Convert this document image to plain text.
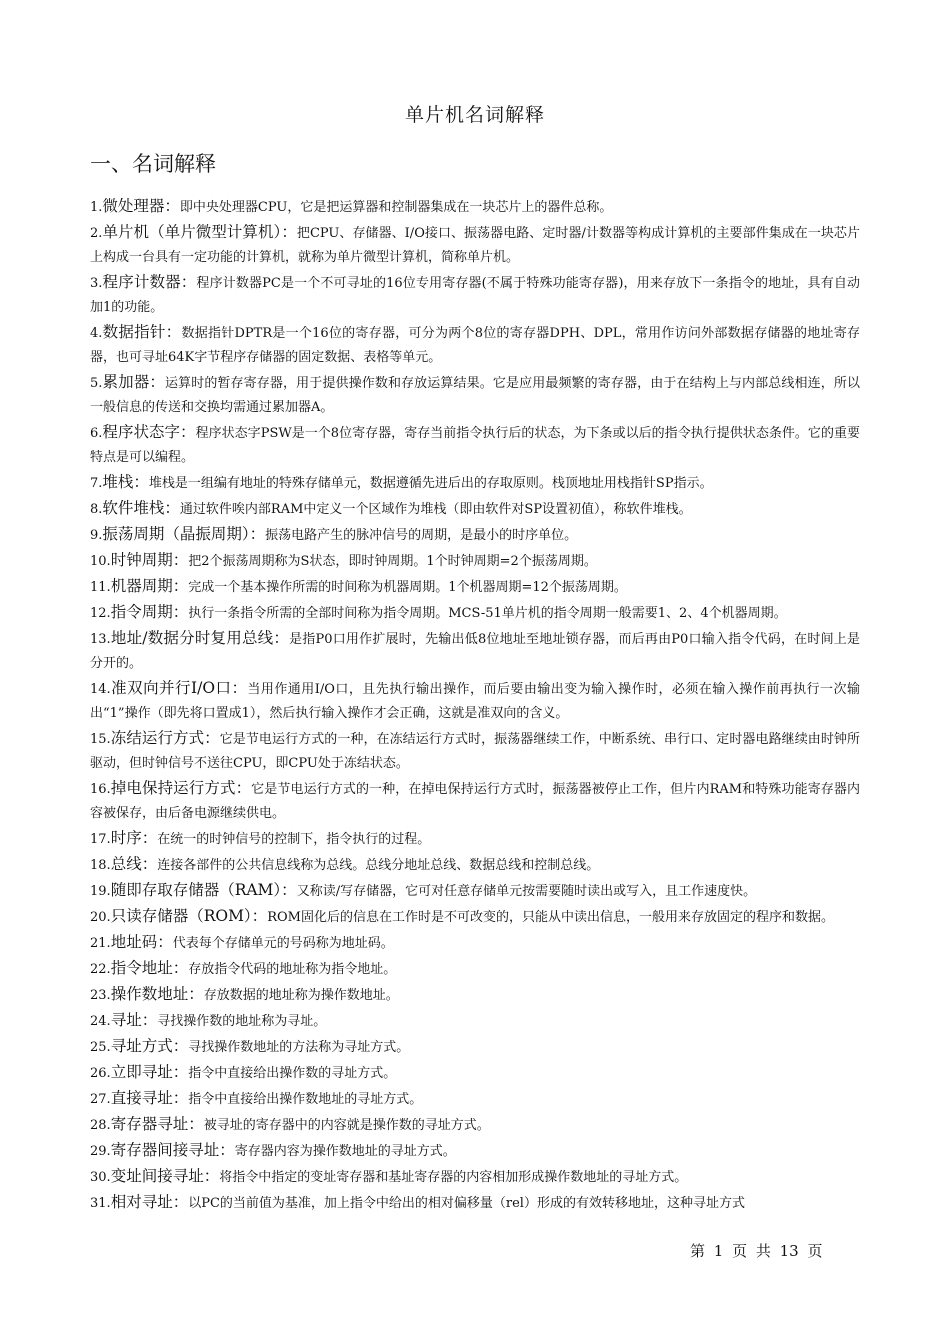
单片机名词解释
一、名词解释

1.微处理器：即中央处理器CPU，它是把运算器和控制器集成在一块芯片上的器件总称。

2.单片机（单片微型计算机）：把CPU、存储器、I/O接口、振荡器电路、定时器/计数器等构成计算机的主要部件集成在一块芯片上构成一台具有一定功能的计算机，就称为单片微型计算机，简称单片机。

3.程序计数器：程序计数器PC是一个不可寻址的16位专用寄存器(不属于特殊功能寄存器)，用来存放下一条指令的地址，具有自动加1的功能。

4.数据指针：数据指针DPTR是一个16位的寄存器，可分为两个8位的寄存器DPH、DPL，常用作访问外部数据存储器的地址寄存器，也可寻址64K字节程序存储器的固定数据、表格等单元。

5.累加器：运算时的暂存寄存器，用于提供操作数和存放运算结果。它是应用最频繁的寄存器，由于在结构上与内部总线相连，所以一般信息的传送和交换均需通过累加器A。

6.程序状态字：程序状态字PSW是一个8位寄存器，寄存当前指令执行后的状态，为下条或以后的指令执行提供状态条件。它的重要特点是可以编程。

7.堆栈：堆栈是一组编有地址的特殊存储单元，数据遵循先进后出的存取原则。栈顶地址用栈指针SP指示。

8.软件堆栈：通过软件唉内部RAM中定义一个区域作为堆栈（即由软件对SP设置初值），称软件堆栈。

9.振荡周期（晶振周期）：振荡电路产生的脉冲信号的周期，是最小的时序单位。

10.时钟周期：把2个振荡周期称为S状态，即时钟周期。1个时钟周期=2个振荡周期。

11.机器周期：完成一个基本操作所需的时间称为机器周期。1个机器周期=12个振荡周期。

12.指令周期：执行一条指令所需的全部时间称为指令周期。MCS-51单片机的指令周期一般需要1、2、4个机器周期。

13.地址/数据分时复用总线：是指P0口用作扩展时，先输出低8位地址至地址锁存器，而后再由P0口输入指令代码，在时间上是分开的。

14.准双向并行I/O口：当用作通用I/O口，且先执行输出操作，而后要由输出变为输入操作时，必须在输入操作前再执行一次输出“1”操作（即先将口置成1），然后执行输入操作才会正确，这就是准双向的含义。

15.冻结运行方式：它是节电运行方式的一种，在冻结运行方式时，振荡器继续工作，中断系统、串行口、定时器电路继续由时钟所驱动，但时钟信号不送往CPU，即CPU处于冻结状态。

16.掉电保持运行方式：它是节电运行方式的一种，在掉电保持运行方式时，振荡器被停止工作，但片内RAM和特殊功能寄存器内容被保存，由后备电源继续供电。

17.时序：在统一的时钟信号的控制下，指令执行的过程。

18.总线：连接各部件的公共信息线称为总线。总线分地址总线、数据总线和控制总线。

19.随即存取存储器（RAM）：又称读/写存储器，它可对任意存储单元按需要随时读出或写入，且工作速度快。

20.只读存储器（ROM）：ROM固化后的信息在工作时是不可改变的，只能从中读出信息，一般用来存放固定的程序和数据。

21.地址码：代表每个存储单元的号码称为地址码。

22.指令地址：存放指令代码的地址称为指令地址。

23.操作数地址：存放数据的地址称为操作数地址。

24.寻址：寻找操作数的地址称为寻址。

25.寻址方式：寻找操作数地址的方法称为寻址方式。

26.立即寻址：指令中直接给出操作数的寻址方式。

27.直接寻址：指令中直接给出操作数地址的寻址方式。

28.寄存器寻址：被寻址的寄存器中的内容就是操作数的寻址方式。

29.寄存器间接寻址：寄存器内容为操作数地址的寻址方式。

30.变址间接寻址：将指令中指定的变址寄存器和基址寄存器的内容相加形成操作数地址的寻址方式。

31.相对寻址：以PC的当前值为基准，加上指令中给出的相对偏移量（rel）形成的有效转移地址，这种寻址方式

第 1 页 共 13 页
